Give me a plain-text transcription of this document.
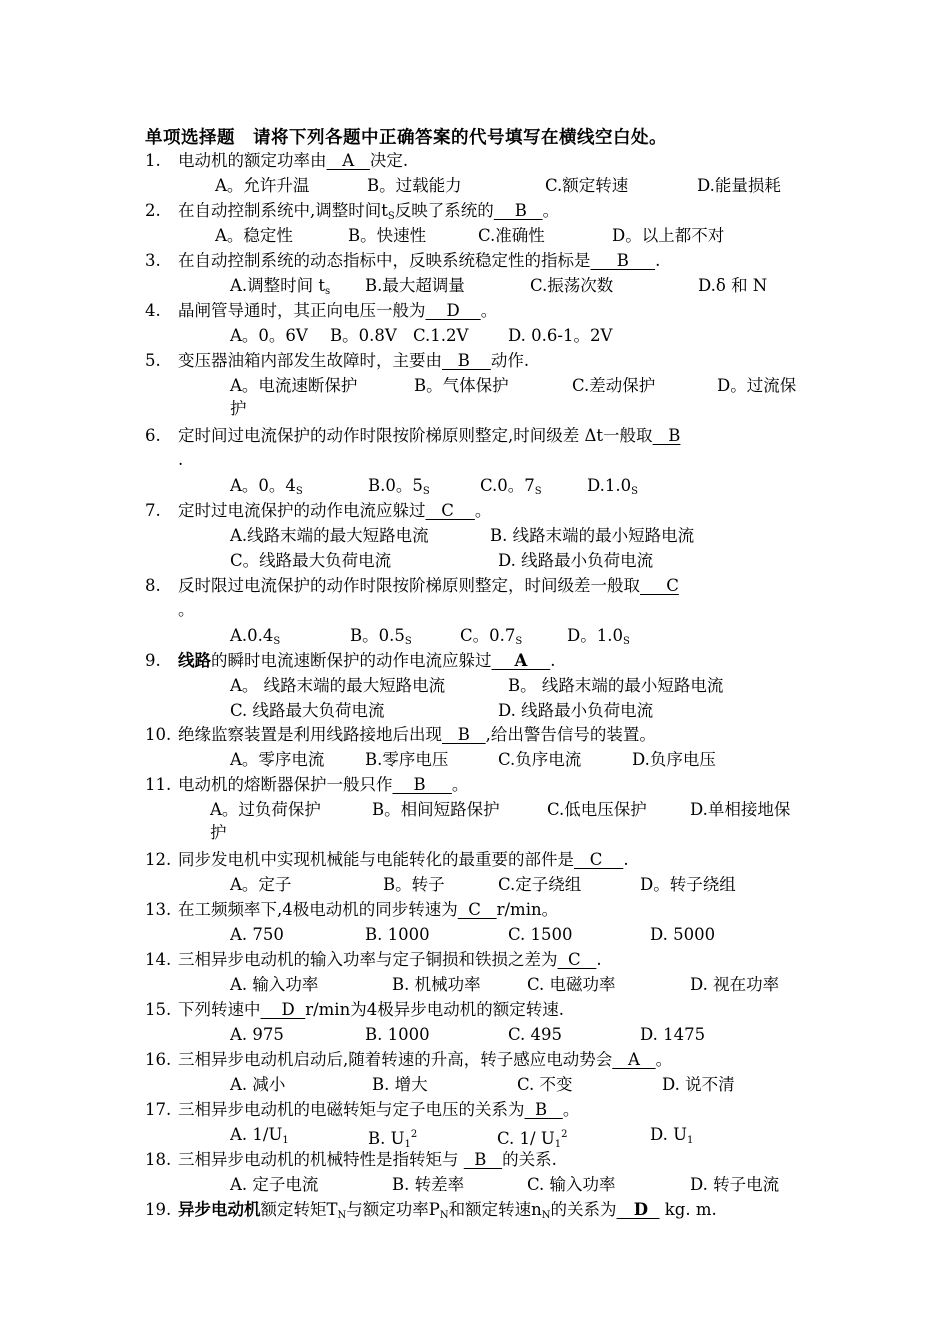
单项选择题　请将下列各题中正确答案的代号填写在横线空白处。
1. 电动机的额定功率由   A   决定.
A。允许升温	B。过载能力	C.额定转速	D.能量损耗
2. 在自动控制系统中,调整时间$t_S$反映了系统的    B   。
A。稳定性	B。快速性	C.准确性	D。以上都不对
3. 在自动控制系统的动态指标中，反映系统稳定性的指标是     B     .
A.调整时间 $t_s$ B.最大超调量	C.振荡次数	D.δ 和 N
4. 晶闸管导通时，其正向电压一般为    D    。
A。0。6V B。0.8V C.1.2V D. 0.6-1。2V
5. 变压器油箱内部发生故障时，主要由   B    动作.
A。电流速断保护	B。气体保护	C.差动保护	D。过流保
护
6. 定时间过电流保护的动作时限按阶梯原则整定,时间级差 Δt一般取   B
.
A。0。$4_S$	B.0。$5_S$	C.0。$7_S$	$D.1.0_S$
7. 定时过电流保护的动作电流应躲过   C    。
A.线路末端的最大短路电流	B. 线路末端的最小短路电流
C。线路最大负荷电流	D. 线路最小负荷电流
8. 反时限过电流保护的动作时限按阶梯原则整定，时间级差一般取     C
。
$A.0.4_S$	B。$0.5_S$	C。$0.7_S$	D。$1.0_S$
9. 线路的瞬时电流速断保护的动作电流应躲过    A    .
A。 线路末端的最大短路电流	B。 线路末端的最小短路电流
C. 线路最大负荷电流	D. 线路最小负荷电流
10. 绝缘监察装置是利用线路接地后出现   B   ,给出警告信号的装置。
A。零序电流 B.零序电压	C.负序电流	D.负序电压
11. 电动机的熔断器保护一般只作    B     。
A。过负荷保护	B。相间短路保护	C.低电压保护	D.单相接地保
护
12. 同步发电机中实现机械能与电能转化的最重要的部件是   C    .
A。定子	B。转子	C.定子绕组	D。转子绕组
13. 在工频频率下,4极电动机的同步转速为  C   r/min。
A. 750	B. 1000	C. 1500	D. 5000
14. 三相异步电动机的输入功率与定子铜损和铁损之差为  C   .
A. 输入功率	B. 机械功率	C. 电磁功率	D. 视在功率
15. 下列转速中    D  r/min为4极异步电动机的额定转速.
A. 975	B. 1000	C. 495	D. 1475
16. 三相异步电动机启动后,随着转速的升高，转子感应电动势会   A   。
A. 减小	B. 增大	C. 不变	D. 说不清
17. 三相异步电动机的电磁转矩与定子电压的关系为  B   。
A. $1/U_1$	B. $U_1^2$	C. 1/ $U_1^2$	D. $U_1$
18. 三相异步电动机的机械特性是指转矩与   B   的关系.
A. 定子电流	B. 转差率	C. 输入功率	D. 转子电流
19. 异步电动机额定转矩$T_N$与额定功率$P_N$和额定转速$n_N$的关系为   D   kg. m.
